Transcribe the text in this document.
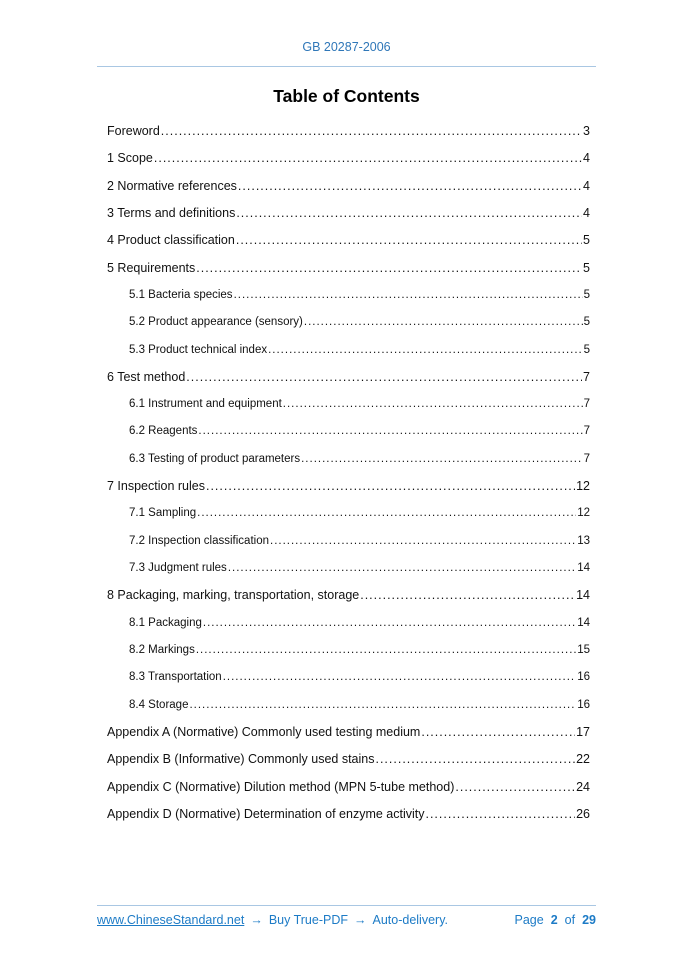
GB 20287-2006
Table of Contents
Foreword .....	3
1 Scope .....	4
2 Normative references .....	4
3 Terms and definitions .....	4
4 Product classification .....	5
5 Requirements .....	5
5.1 Bacteria species .....	5
5.2 Product appearance (sensory) .....	5
5.3 Product technical index .....	5
6 Test method .....	7
6.1 Instrument and equipment .....	7
6.2 Reagents .....	7
6.3 Testing of product parameters .....	7
7 Inspection rules .....	12
7.1 Sampling .....	12
7.2 Inspection classification .....	13
7.3 Judgment rules .....	14
8 Packaging, marking, transportation, storage .....	14
8.1 Packaging .....	14
8.2 Markings .....	15
8.3 Transportation .....	16
8.4 Storage .....	16
Appendix A (Normative) Commonly used testing medium .....	17
Appendix B (Informative) Commonly used stains .....	22
Appendix C (Normative) Dilution method (MPN 5-tube method) .....	24
Appendix D (Normative) Determination of enzyme activity .....	26
www.ChineseStandard.net → Buy True-PDF → Auto-delivery.	Page 2 of 29
